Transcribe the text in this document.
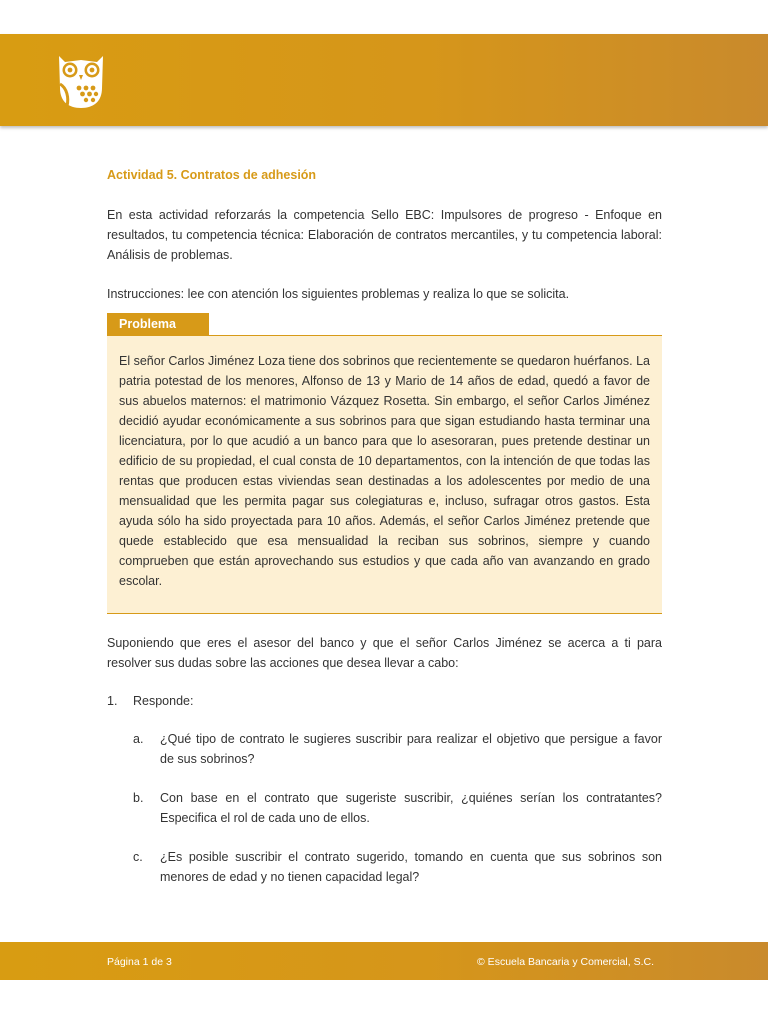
Actividad 5. Contratos de adhesión

En esta actividad reforzarás la competencia Sello EBC: Impulsores de progreso - Enfoque en resultados, tu competencia técnica: Elaboración de contratos mercantiles, y tu competencia laboral: Análisis de problemas.

Instrucciones: lee con atención los siguientes problemas y realiza lo que se solicita.

Problema

El señor Carlos Jiménez Loza tiene dos sobrinos que recientemente se quedaron huérfanos. La patria potestad de los menores, Alfonso de 13 y Mario de 14 años de edad, quedó a favor de sus abuelos maternos: el matrimonio Vázquez Rosetta. Sin embargo, el señor Carlos Jiménez decidió ayudar económicamente a sus sobrinos para que sigan estudiando hasta terminar una licenciatura, por lo que acudió a un banco para que lo asesoraran, pues pretende destinar un edificio de su propiedad, el cual consta de 10 departamentos, con la intención de que todas las rentas que producen estas viviendas sean destinadas a los adolescentes por medio de una mensualidad que les permita pagar sus colegiaturas e, incluso, sufragar otros gastos. Esta ayuda sólo ha sido proyectada para 10 años. Además, el señor Carlos Jiménez pretende que quede establecido que esa mensualidad la reciban sus sobrinos, siempre y cuando comprueben que están aprovechando sus estudios y que cada año van avanzando en grado escolar.

Suponiendo que eres el asesor del banco y que el señor Carlos Jiménez se acerca a ti para resolver sus dudas sobre las acciones que desea llevar a cabo:

1.	Responde:
a.	¿Qué tipo de contrato le sugieres suscribir para realizar el objetivo que persigue a favor de sus sobrinos?
b.	Con base en el contrato que sugeriste suscribir, ¿quiénes serían los contratantes? Especifica el rol de cada uno de ellos.
c.	¿Es posible suscribir el contrato sugerido, tomando en cuenta que sus sobrinos son menores de edad y no tienen capacidad legal?
Página 1 de 3	© Escuela Bancaria y Comercial, S.C.
